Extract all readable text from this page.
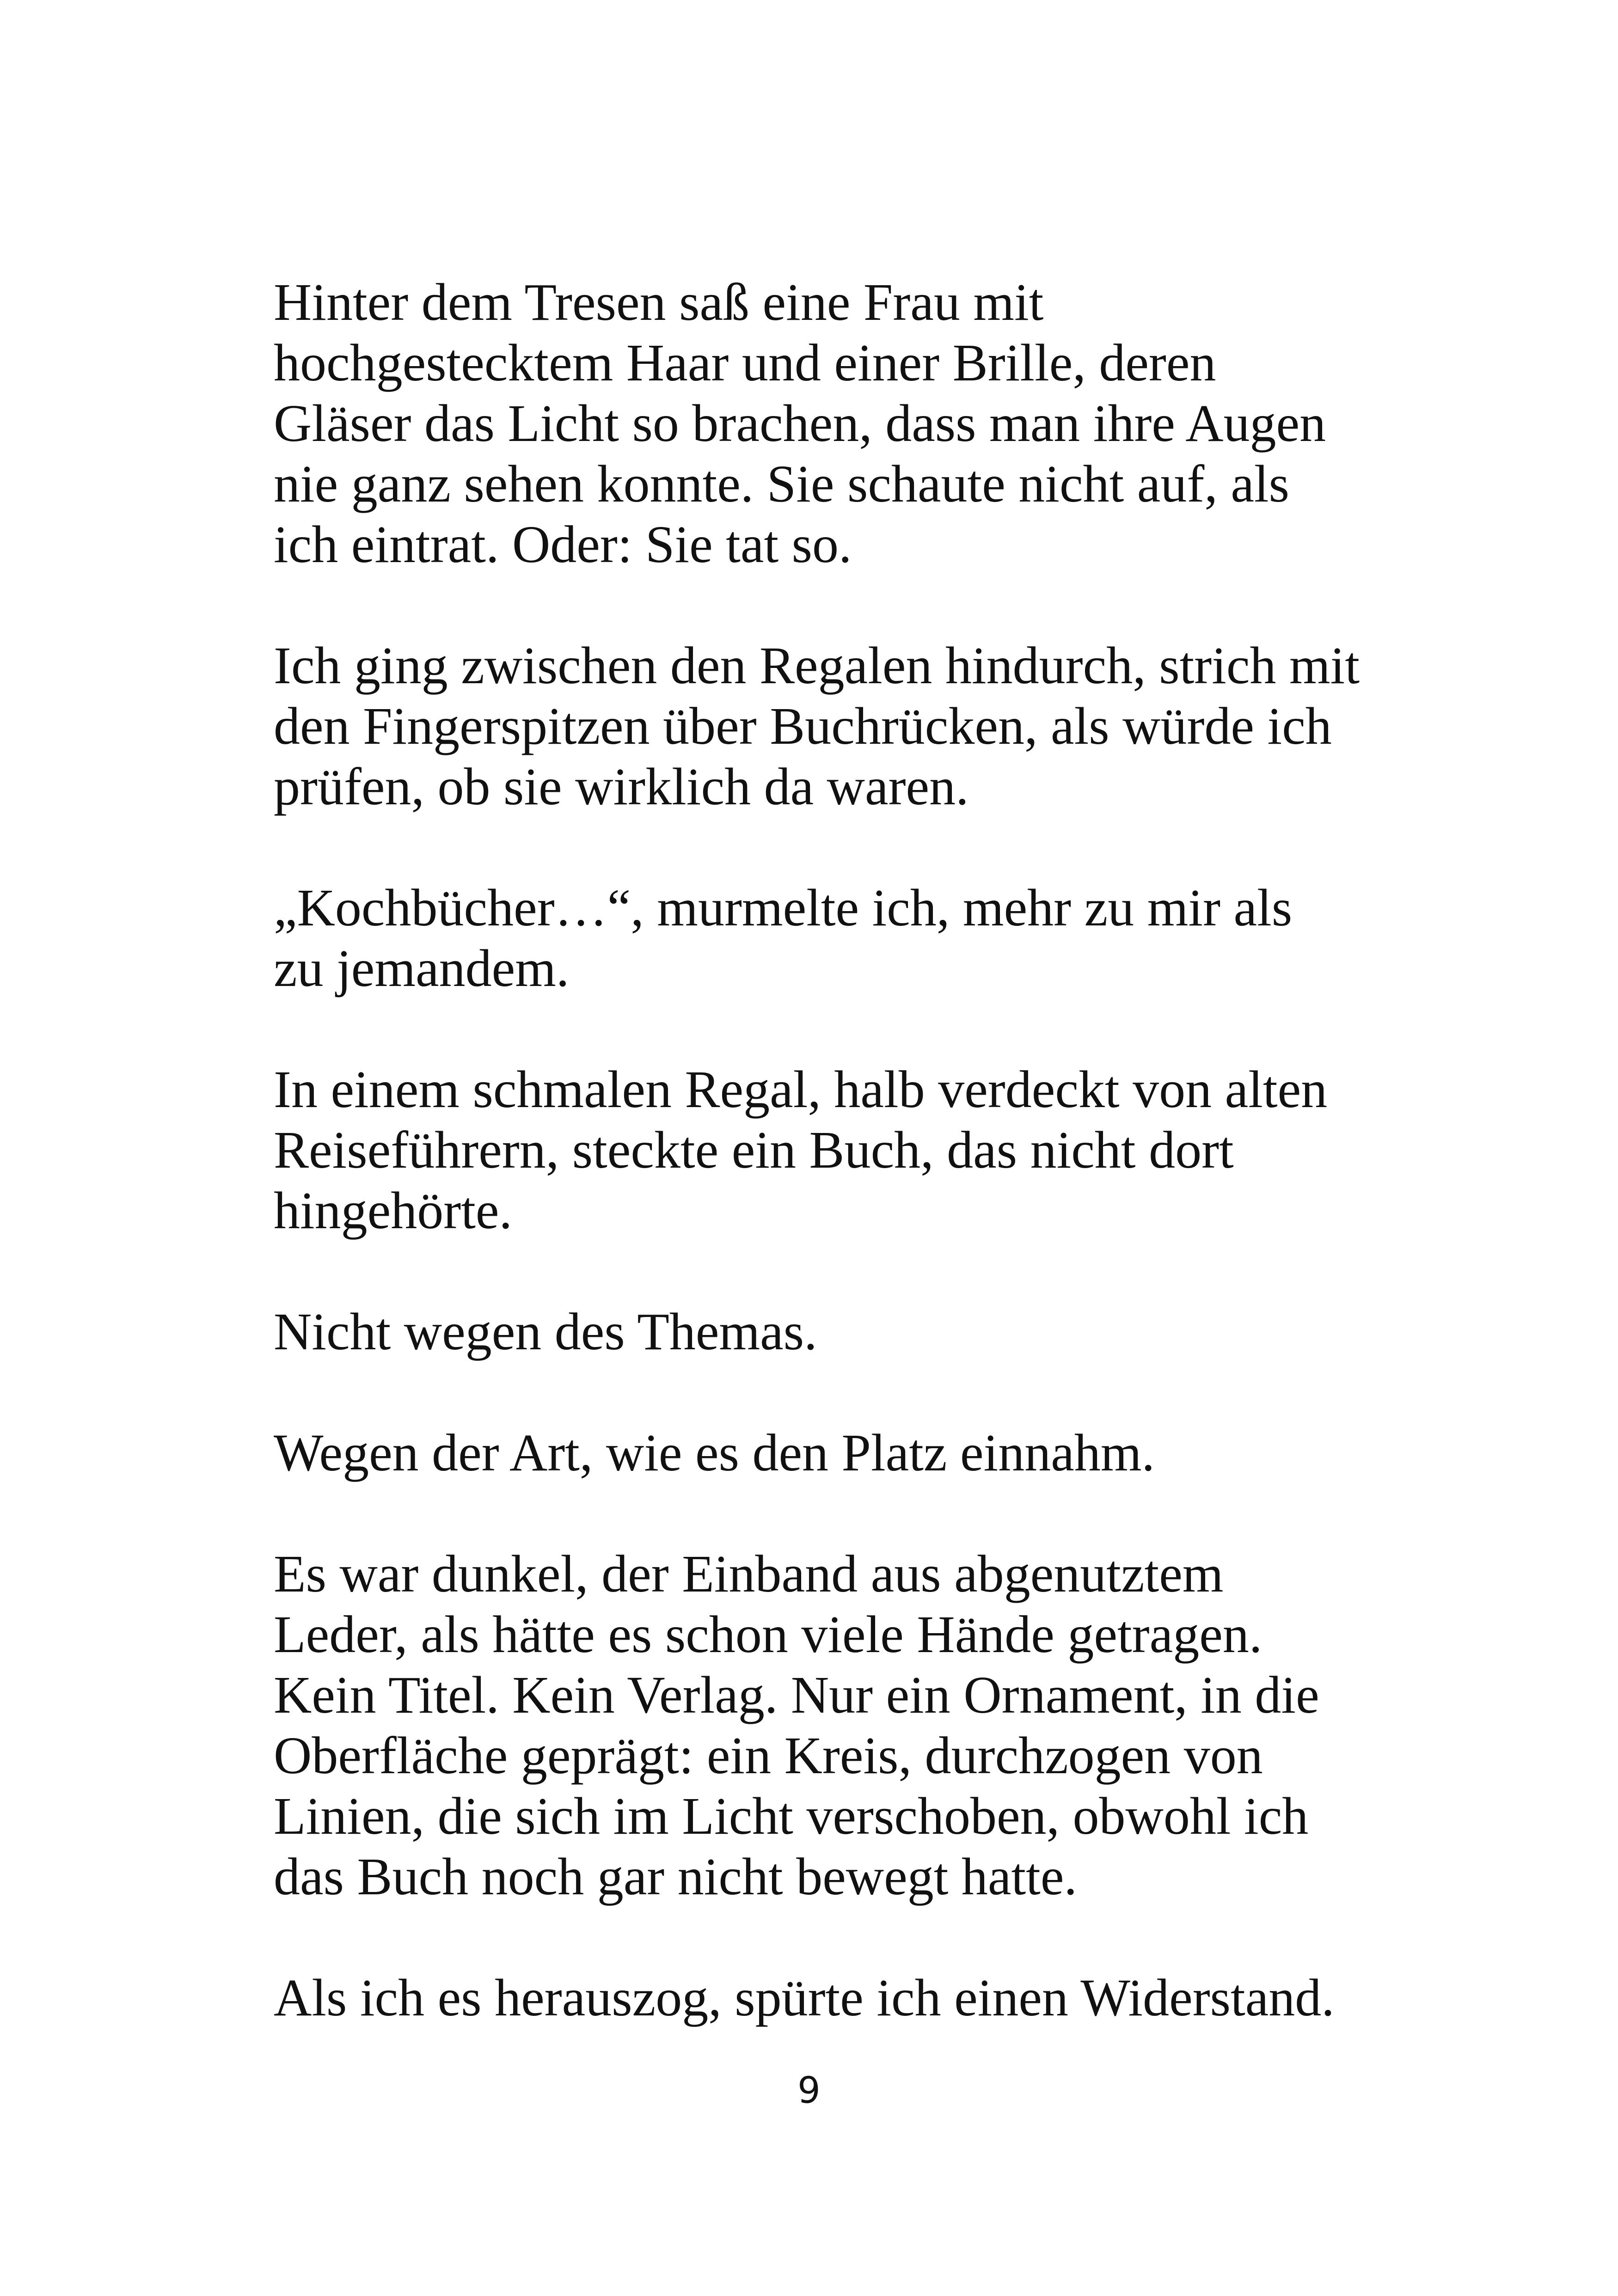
Hinter dem Tresen saß eine Frau mit
hochgestecktem Haar und einer Brille, deren
Gläser das Licht so brachen, dass man ihre Augen
nie ganz sehen konnte. Sie schaute nicht auf, als
ich eintrat. Oder: Sie tat so.

Ich ging zwischen den Regalen hindurch, strich mit
den Fingerspitzen über Buchrücken, als würde ich
prüfen, ob sie wirklich da waren.

„Kochbücher…“, murmelte ich, mehr zu mir als
zu jemandem.

In einem schmalen Regal, halb verdeckt von alten
Reiseführern, steckte ein Buch, das nicht dort
hingehörte.

Nicht wegen des Themas.

Wegen der Art, wie es den Platz einnahm.

Es war dunkel, der Einband aus abgenutztem
Leder, als hätte es schon viele Hände getragen.
Kein Titel. Kein Verlag. Nur ein Ornament, in die
Oberfläche geprägt: ein Kreis, durchzogen von
Linien, die sich im Licht verschoben, obwohl ich
das Buch noch gar nicht bewegt hatte.

Als ich es herauszog, spürte ich einen Widerstand.

9
